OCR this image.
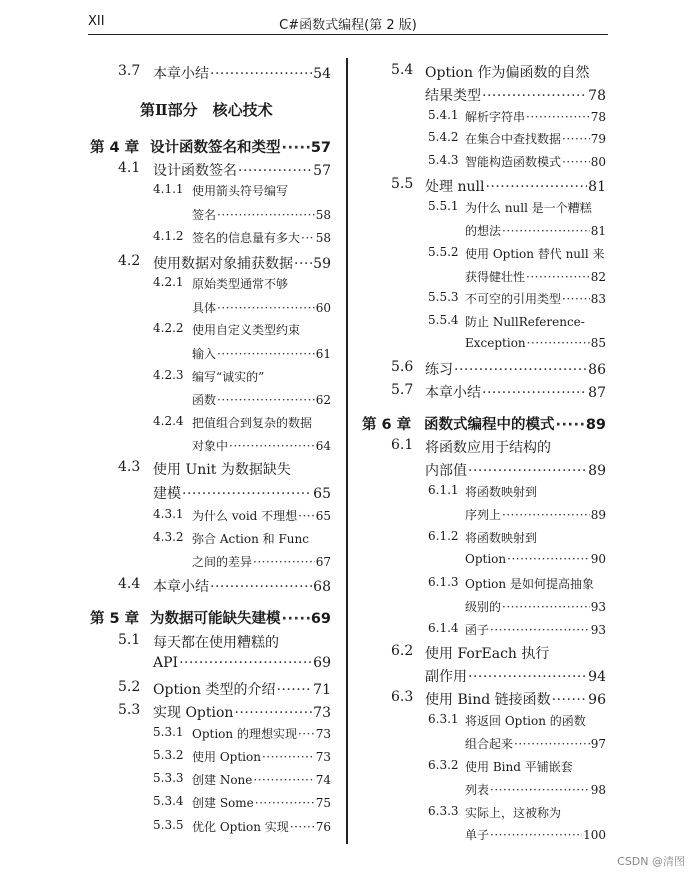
XII	C#函数式编程(第 2 版)
第Ⅱ部分　核心技术
3.7 本章小结 ·····	54
第 4 章 设计函数签名和类型 ····· 57
4.1 设计函数签名 ·····	57
4.1.1 使用箭头符号编写
签名 ·····	58
4.1.2 签名的信息量有多大 ····· 58
4.2 使用数据对象捕获数据 ····· 59
4.2.1 原始类型通常不够
具体 ·····	60
4.2.2 使用自定义类型约束
输入 ·····	61
4.2.3 编写“诚实的”
函数 ·····	62
4.2.4 把值组合到复杂的数据
对象中 ·····	64
4.3 使用 Unit 为数据缺失
建模 ·····	65
4.3.1 为什么 void 不理想 ····· 65
4.3.2 弥合 Action 和 Func
之间的差异 ·····	67
4.4 本章小结 ·····	68
第 5 章 为数据可能缺失建模 ····· 69
5.1 每天都在使用糟糕的
API ·····	69
5.2 Option 类型的介绍 ·····	71
5.3 实现 Option ·····	73
5.3.1 Option 的理想实现 ····· 73
5.3.2 使用 Option ·····	73
5.3.3 创建 None ·····	74
5.3.4 创建 Some ·····	75
5.3.5 优化 Option 实现 ····· 76
5.4 Option 作为偏函数的自然
结果类型 ·····	78
5.4.1 解析字符串 ·····	78
5.4.2 在集合中查找数据 ····· 79
5.4.3 智能构造函数模式 ····· 80
5.5 处理 null ·····	81
5.5.1 为什么 null 是一个糟糕
的想法 ·····	81
5.5.2 使用 Option 替代 null 来
获得健壮性 ·····	82
5.5.3 不可空的引用类型 ····· 83
5.5.4 防止 NullReference-
Exception ·····	85
5.6 练习 ·····	86
5.7 本章小结 ·····	87
第 6 章 函数式编程中的模式 ····· 89
6.1 将函数应用于结构的
内部值 ·····	89
6.1.1 将函数映射到
序列上 ·····	89
6.1.2 将函数映射到
Option ·····	90
6.1.3 Option 是如何提高抽象
级别的 ·····	93
6.1.4 函子 ·····	93
6.2 使用 ForEach 执行
副作用 ·····	94
6.3 使用 Bind 链接函数 ·····	96
6.3.1 将返回 Option 的函数
组合起来 ·····	97
6.3.2 使用 Bind 平铺嵌套
列表 ·····	98
6.3.3 实际上，这被称为
单子 ·····	100
CSDN @清图
